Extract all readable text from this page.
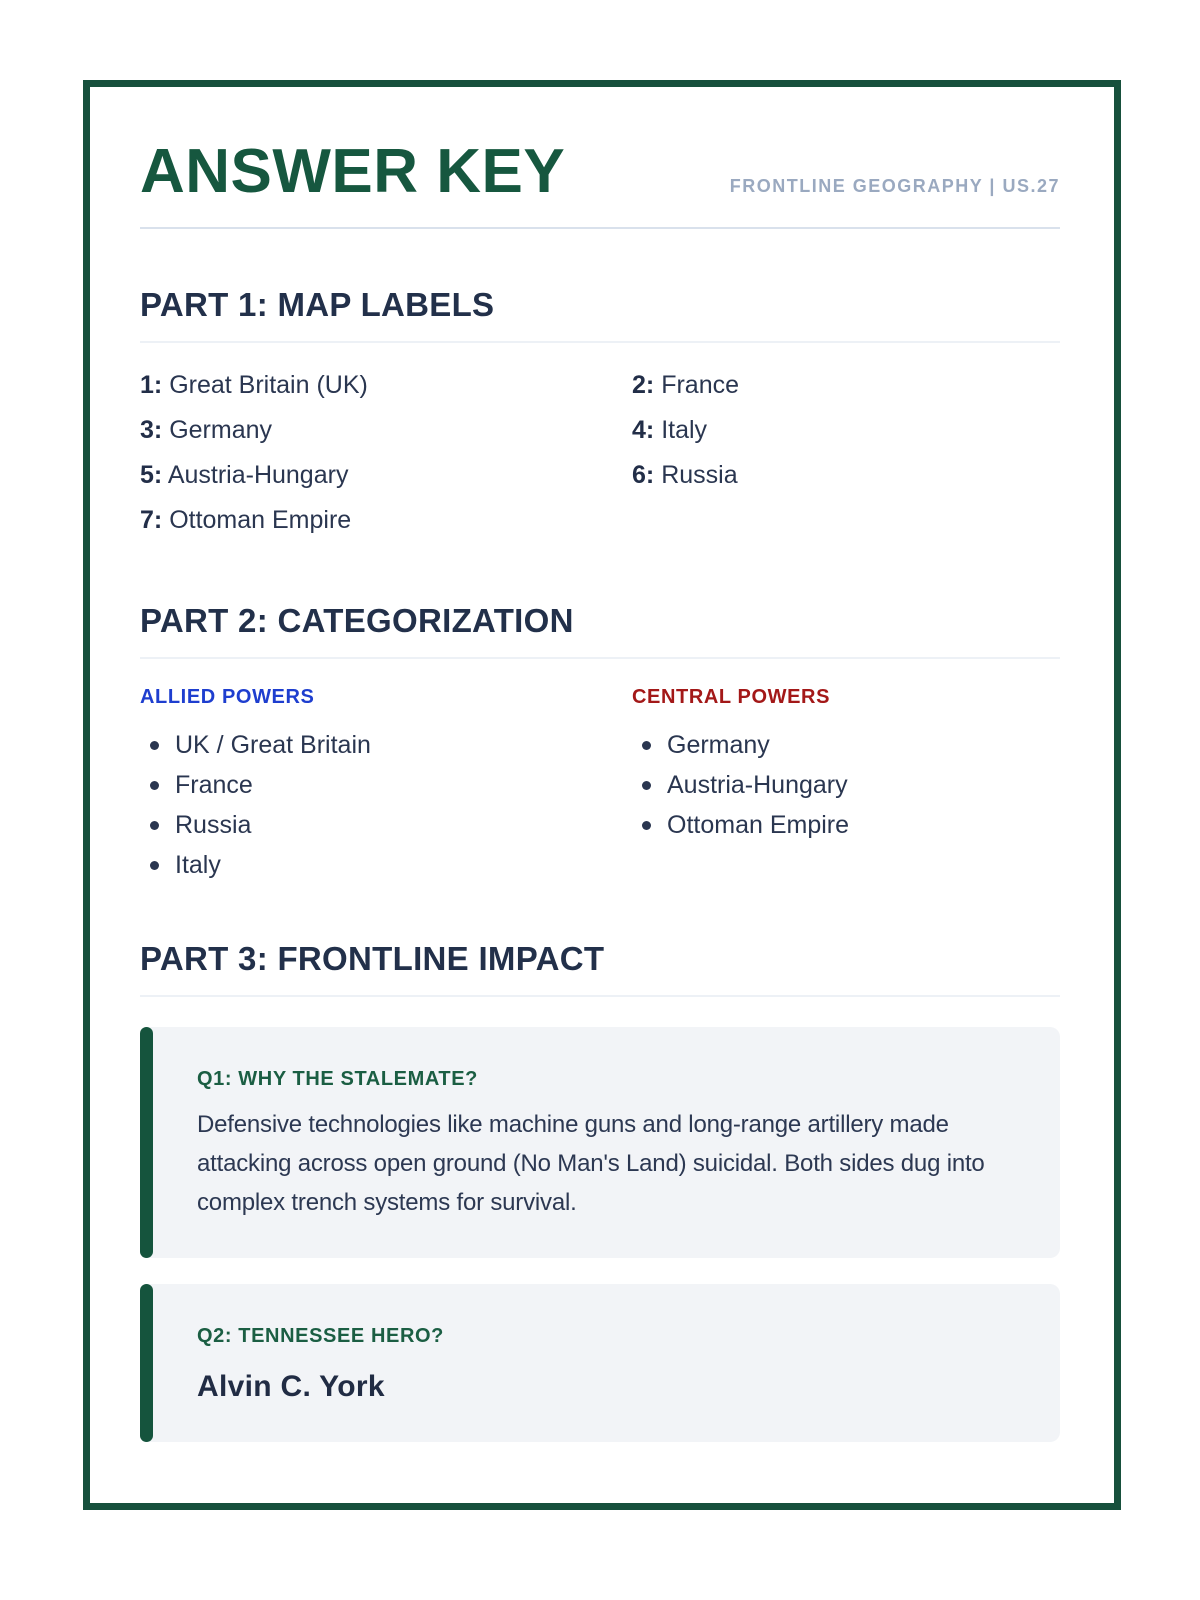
ANSWER KEY	FRONTLINE GEOGRAPHY | US.27
PART 1: MAP LABELS
1: Great Britain (UK)	2: France
3: Germany	4: Italy
5: Austria-Hungary	6: Russia
7: Ottoman Empire
PART 2: CATEGORIZATION
ALLIED POWERS
UK / Great Britain
France
Russia
Italy
CENTRAL POWERS
Germany
Austria-Hungary
Ottoman Empire
PART 3: FRONTLINE IMPACT
Q1: WHY THE STALEMATE?
Defensive technologies like machine guns and long-range artillery made attacking across open ground (No Man's Land) suicidal. Both sides dug into complex trench systems for survival.
Q2: TENNESSEE HERO?
Alvin C. York
